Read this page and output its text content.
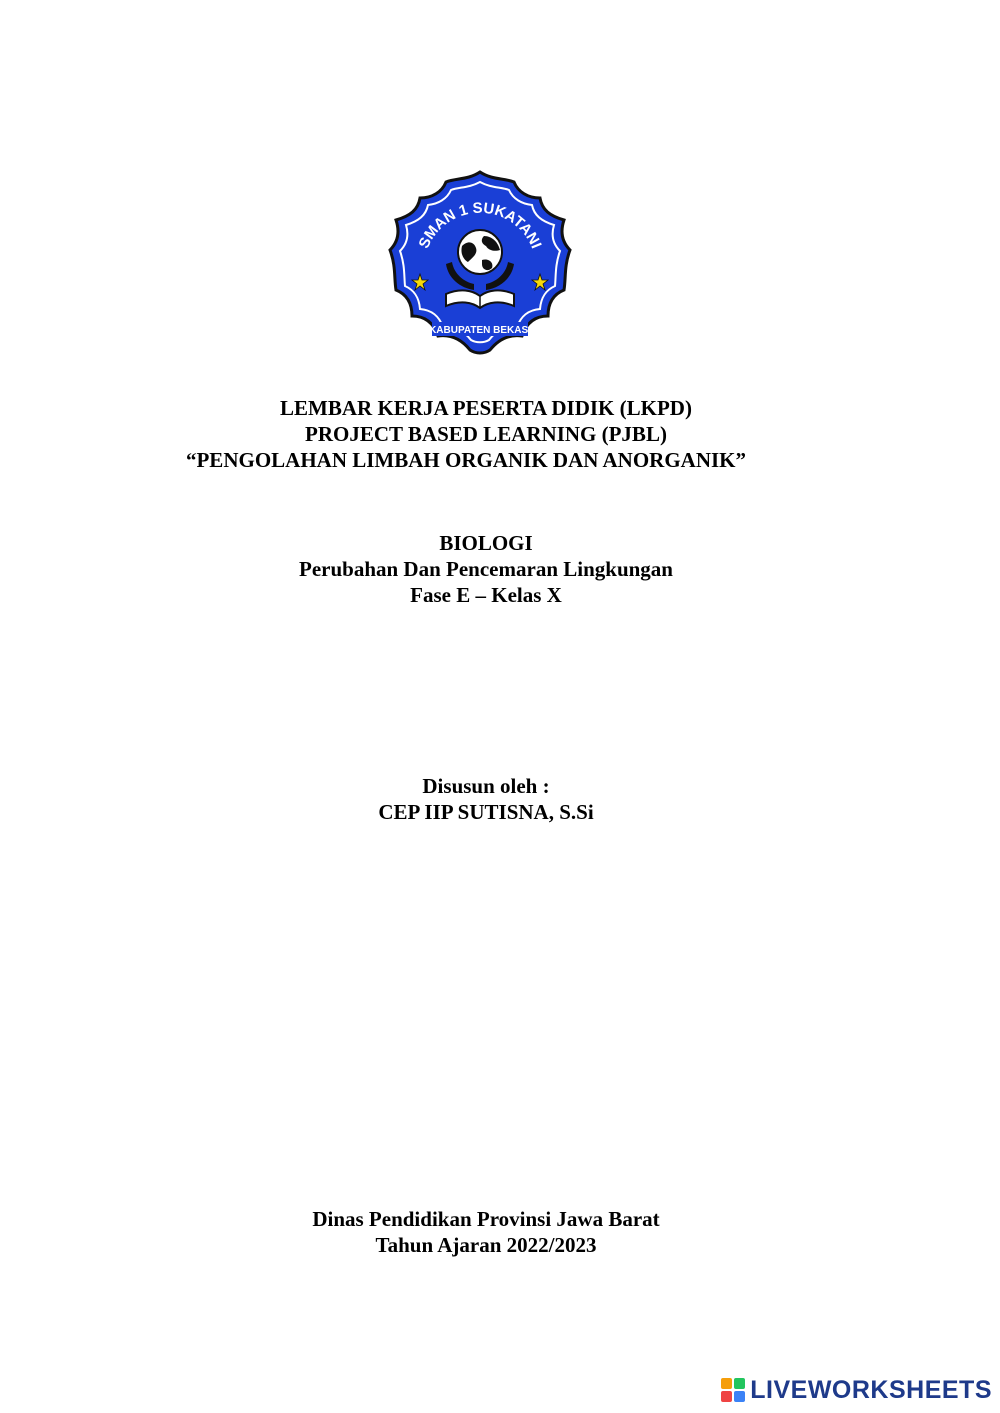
SMAN 1 SUKATANI
KABUPATEN BEKASI
LEMBAR KERJA PESERTA DIDIK (LKPD)
PROJECT BASED LEARNING (PJBL)
“PENGOLAHAN LIMBAH ORGANIK DAN ANORGANIK”
BIOLOGI
Perubahan Dan Pencemaran Lingkungan
Fase E – Kelas X
Disusun oleh :
CEP IIP SUTISNA, S.Si
Dinas Pendidikan Provinsi Jawa Barat
Tahun Ajaran 2022/2023
LIVEWORKSHEETS
